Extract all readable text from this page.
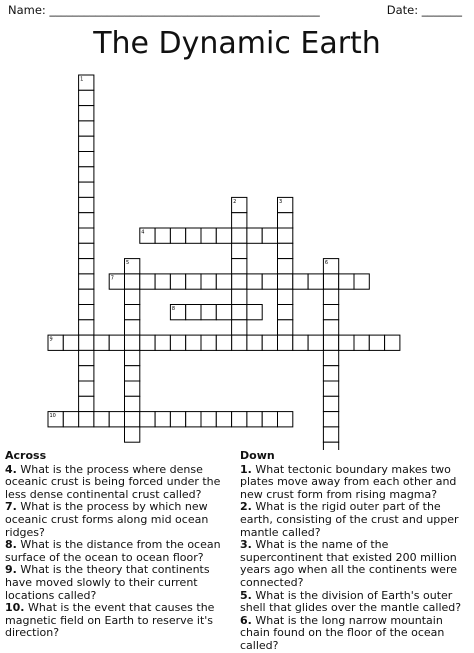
Name: _______________________________________________	Date: _______
The Dynamic Earth
1
2	3
4
5	6
7
8
9
10
Across
4. What is the process where dense oceanic crust is being forced under the less dense continental crust called?
7. What is the process by which new oceanic crust forms along mid ocean ridges?
8. What is the distance from the ocean surface of the ocean to ocean floor?
9. What is the theory that continents have moved slowly to their current locations called?
10. What is the event that causes the magnetic field on Earth to reserve it's direction?
Down
1. What tectonic boundary makes two plates move away from each other and new crust form from rising magma?
2. What is the rigid outer part of the earth, consisting of the crust and upper mantle called?
3. What is the name of the supercontinent that existed 200 million years ago when all the continents were connected?
5. What is the division of Earth's outer shell that glides over the mantle called?
6. What is the long narrow mountain chain found on the floor of the ocean called?
